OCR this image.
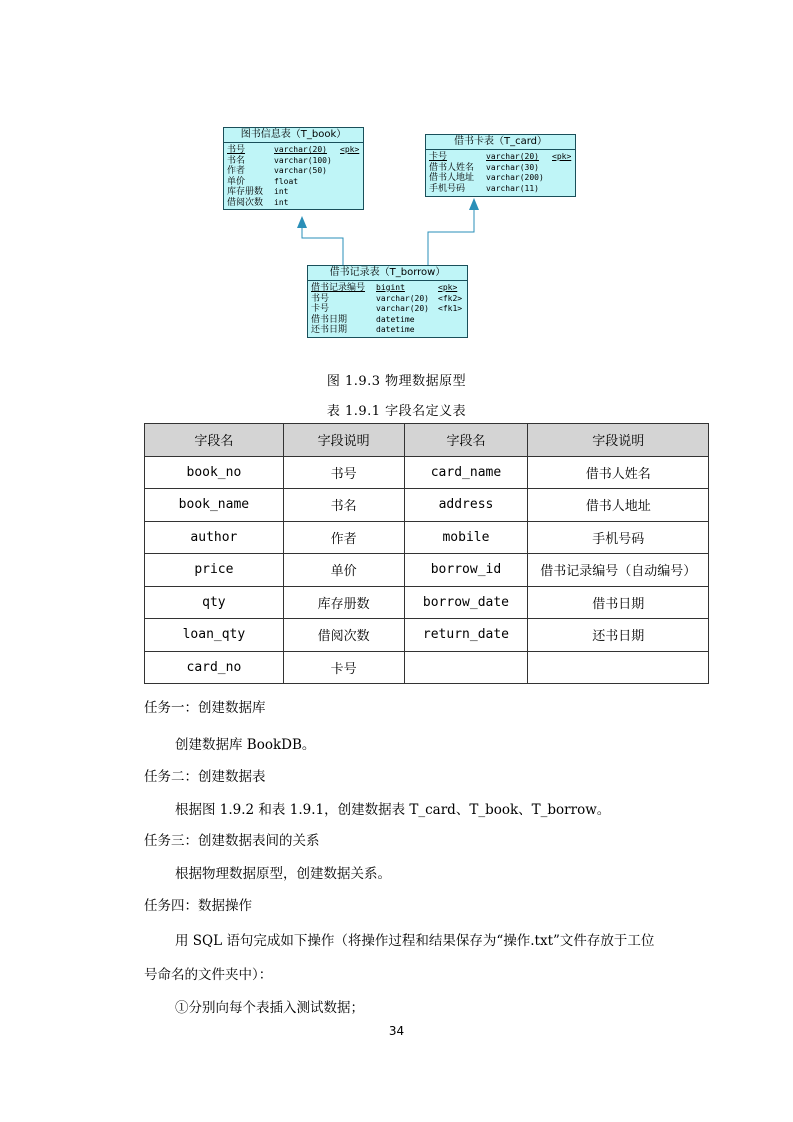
图书信息表（T_book）
书号	varchar(20) <pk>
书名	varchar(100)
作者	varchar(50)
单价	float
库存册数 int
借阅次数 int
借书卡表（T_card）
卡号	varchar(20) <pk>
借书人姓名 varchar(30)
借书人地址 varchar(200)
手机号码	varchar(11)
借书记录表（T_borrow）
借书记录编号 bigint	<pk>
书号	varchar(20) <fk2>
卡号	varchar(20) <fk1>
借书日期	datetime
还书日期	datetime
图 1.9.3 物理数据原型
表 1.9.1 字段名定义表
字段名	字段说明	字段名	字段说明
book_no	书号	card_name	借书人姓名
book_name	书名	address	借书人地址
author	作者	mobile	手机号码
price	单价	borrow_id	借书记录编号（自动编号）
qty	库存册数	borrow_date	借书日期
loan_qty	借阅次数	return_date	还书日期
card_no	卡号		
任务一：创建数据库
创建数据库 BookDB。
任务二：创建数据表
根据图 1.9.2 和表 1.9.1，创建数据表 T_card、T_book、T_borrow。
任务三：创建数据表间的关系
根据物理数据原型，创建数据关系。
任务四：数据操作
用 SQL 语句完成如下操作（将操作过程和结果保存为“操作.txt”文件存放于工位
号命名的文件夹中）：
①分别向每个表插入测试数据；
34
